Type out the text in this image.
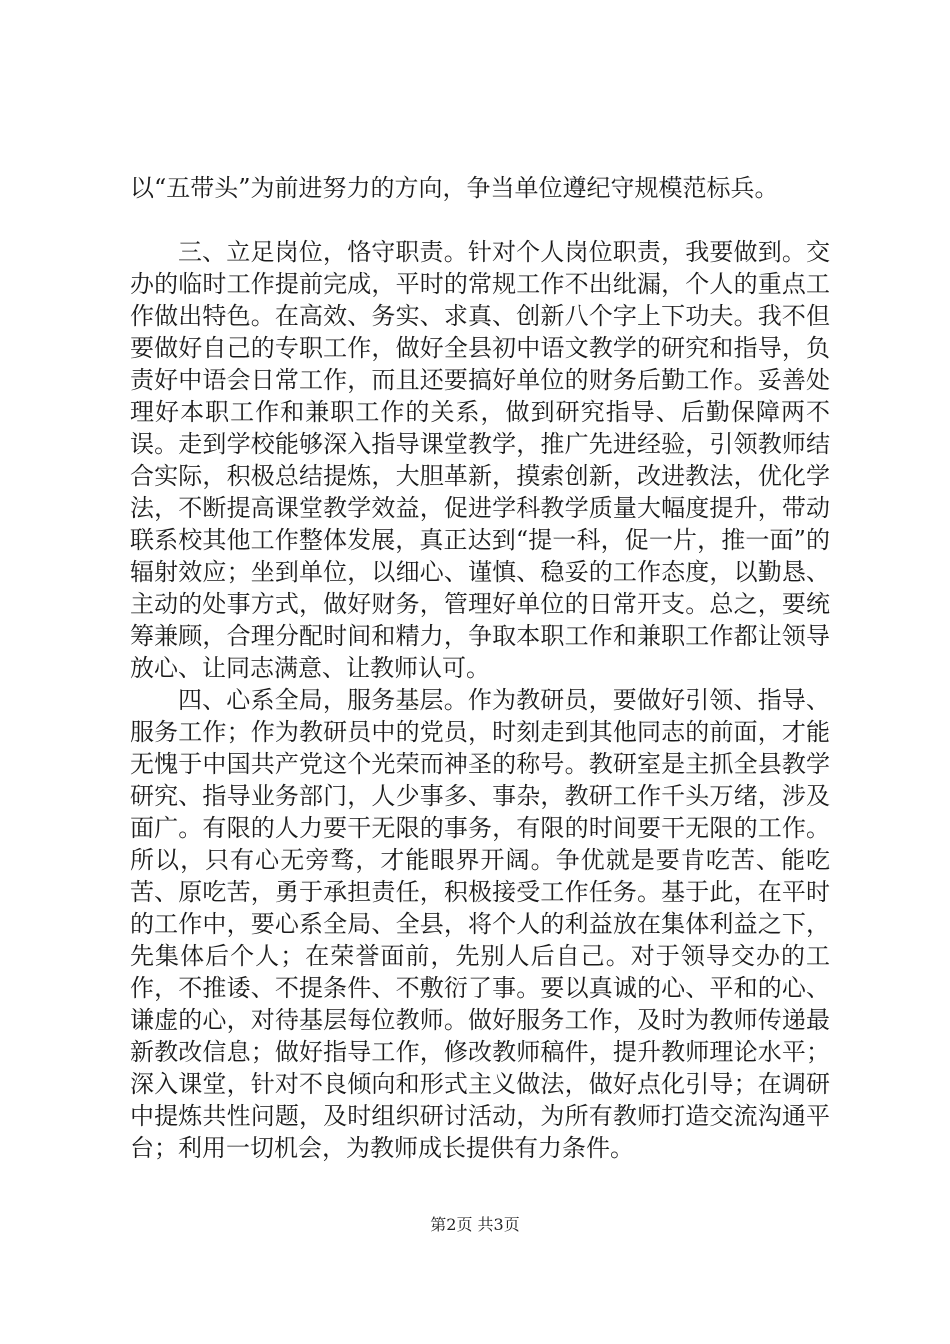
以“五带头”为前进努力的方向，争当单位遵纪守规模范标兵。

三、立足岗位，恪守职责。针对个人岗位职责，我要做到。交办的临时工作提前完成，平时的常规工作不出纰漏，个人的重点工作做出特色。在高效、务实、求真、创新八个字上下功夫。我不但要做好自己的专职工作，做好全县初中语文教学的研究和指导，负责好中语会日常工作，而且还要搞好单位的财务后勤工作。妥善处理好本职工作和兼职工作的关系，做到研究指导、后勤保障两不误。走到学校能够深入指导课堂教学，推广先进经验，引领教师结合实际，积极总结提炼，大胆革新，摸索创新，改进教法，优化学法，不断提高课堂教学效益，促进学科教学质量大幅度提升，带动联系校其他工作整体发展，真正达到“提一科，促一片，推一面”的辐射效应；坐到单位，以细心、谨慎、稳妥的工作态度，以勤恳、主动的处事方式，做好财务，管理好单位的日常开支。总之，要统筹兼顾，合理分配时间和精力，争取本职工作和兼职工作都让领导放心、让同志满意、让教师认可。

四、心系全局，服务基层。作为教研员，要做好引领、指导、服务工作；作为教研员中的党员，时刻走到其他同志的前面，才能无愧于中国共产党这个光荣而神圣的称号。教研室是主抓全县教学研究、指导业务部门，人少事多、事杂，教研工作千头万绪，涉及面广。有限的人力要干无限的事务，有限的时间要干无限的工作。所以，只有心无旁骛，才能眼界开阔。争优就是要肯吃苦、能吃苦、原吃苦，勇于承担责任，积极接受工作任务。基于此，在平时的工作中，要心系全局、全县，将个人的利益放在集体利益之下，先集体后个人；在荣誉面前，先别人后自己。对于领导交办的工作，不推诿、不提条件、不敷衍了事。要以真诚的心、平和的心、谦虚的心，对待基层每位教师。做好服务工作，及时为教师传递最新教改信息；做好指导工作，修改教师稿件，提升教师理论水平；深入课堂，针对不良倾向和形式主义做法，做好点化引导；在调研中提炼共性问题，及时组织研讨活动，为所有教师打造交流沟通平台；利用一切机会，为教师成长提供有力条件。

第2页 共3页
